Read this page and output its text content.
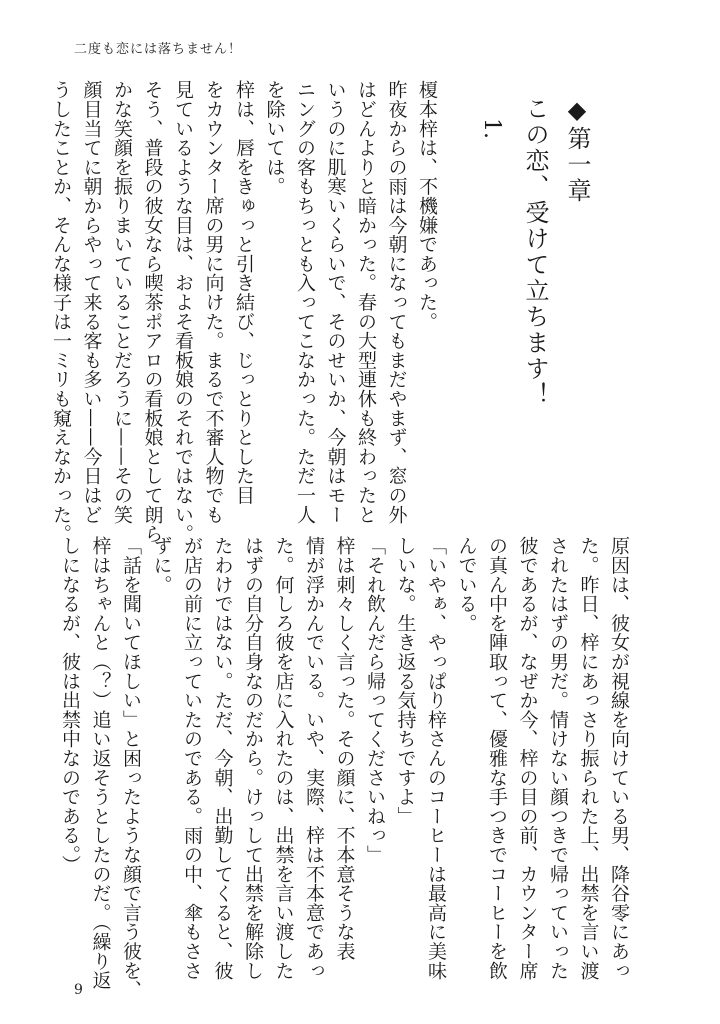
二度も恋には落ちません！
◆第一章
この恋、受けて立ちます！
1.
榎本梓は、不機嫌であった。
昨夜からの雨は今朝になってもまだやまず、窓の外
はどんよりと暗かった。春の大型連休も終わったと
いうのに肌寒いくらいで、そのせいか、今朝はモー
ニングの客もちっとも入ってこなかった。ただ一人
を除いては。
梓は、唇をきゅっと引き結び、じっとりとした目
をカウンター席の男に向けた。まるで不審人物でも
見ているような目は、およそ看板娘のそれではない。
そう、普段の彼女なら喫茶ポアロの看板娘として朗ら
かな笑顔を振りまいていることだろうに——その笑
顔目当てに朝からやって来る客も多い——今日はど
うしたことか、そんな様子は一ミリも窺えなかった。
原因は、彼女が視線を向けている男、降谷零にあっ
た。昨日、梓にあっさり振られた上、出禁を言い渡
されたはずの男だ。情けない顔つきで帰っていった
彼であるが、なぜか今、梓の目の前、カウンター席
の真ん中を陣取って、優雅な手つきでコーヒーを飲
んでいる。
「いやぁ、やっぱり梓さんのコーヒーは最高に美味
しいな。生き返る気持ちですよ」
「それ飲んだら帰ってくださいねっ」
梓は刺々しく言った。その顔に、不本意そうな表
情が浮かんでいる。いや、実際、梓は不本意であっ
た。何しろ彼を店に入れたのは、出禁を言い渡した
はずの自分自身なのだから。けっして出禁を解除し
たわけではない。ただ、今朝、出勤してくると、彼
が店の前に立っていたのである。雨の中、傘もささ
ずに。
「話を聞いてほしい」と困ったような顔で言う彼を、
梓はちゃんと（？）追い返そうとしたのだ。（繰り返
しになるが、彼は出禁中なのである。）
9
